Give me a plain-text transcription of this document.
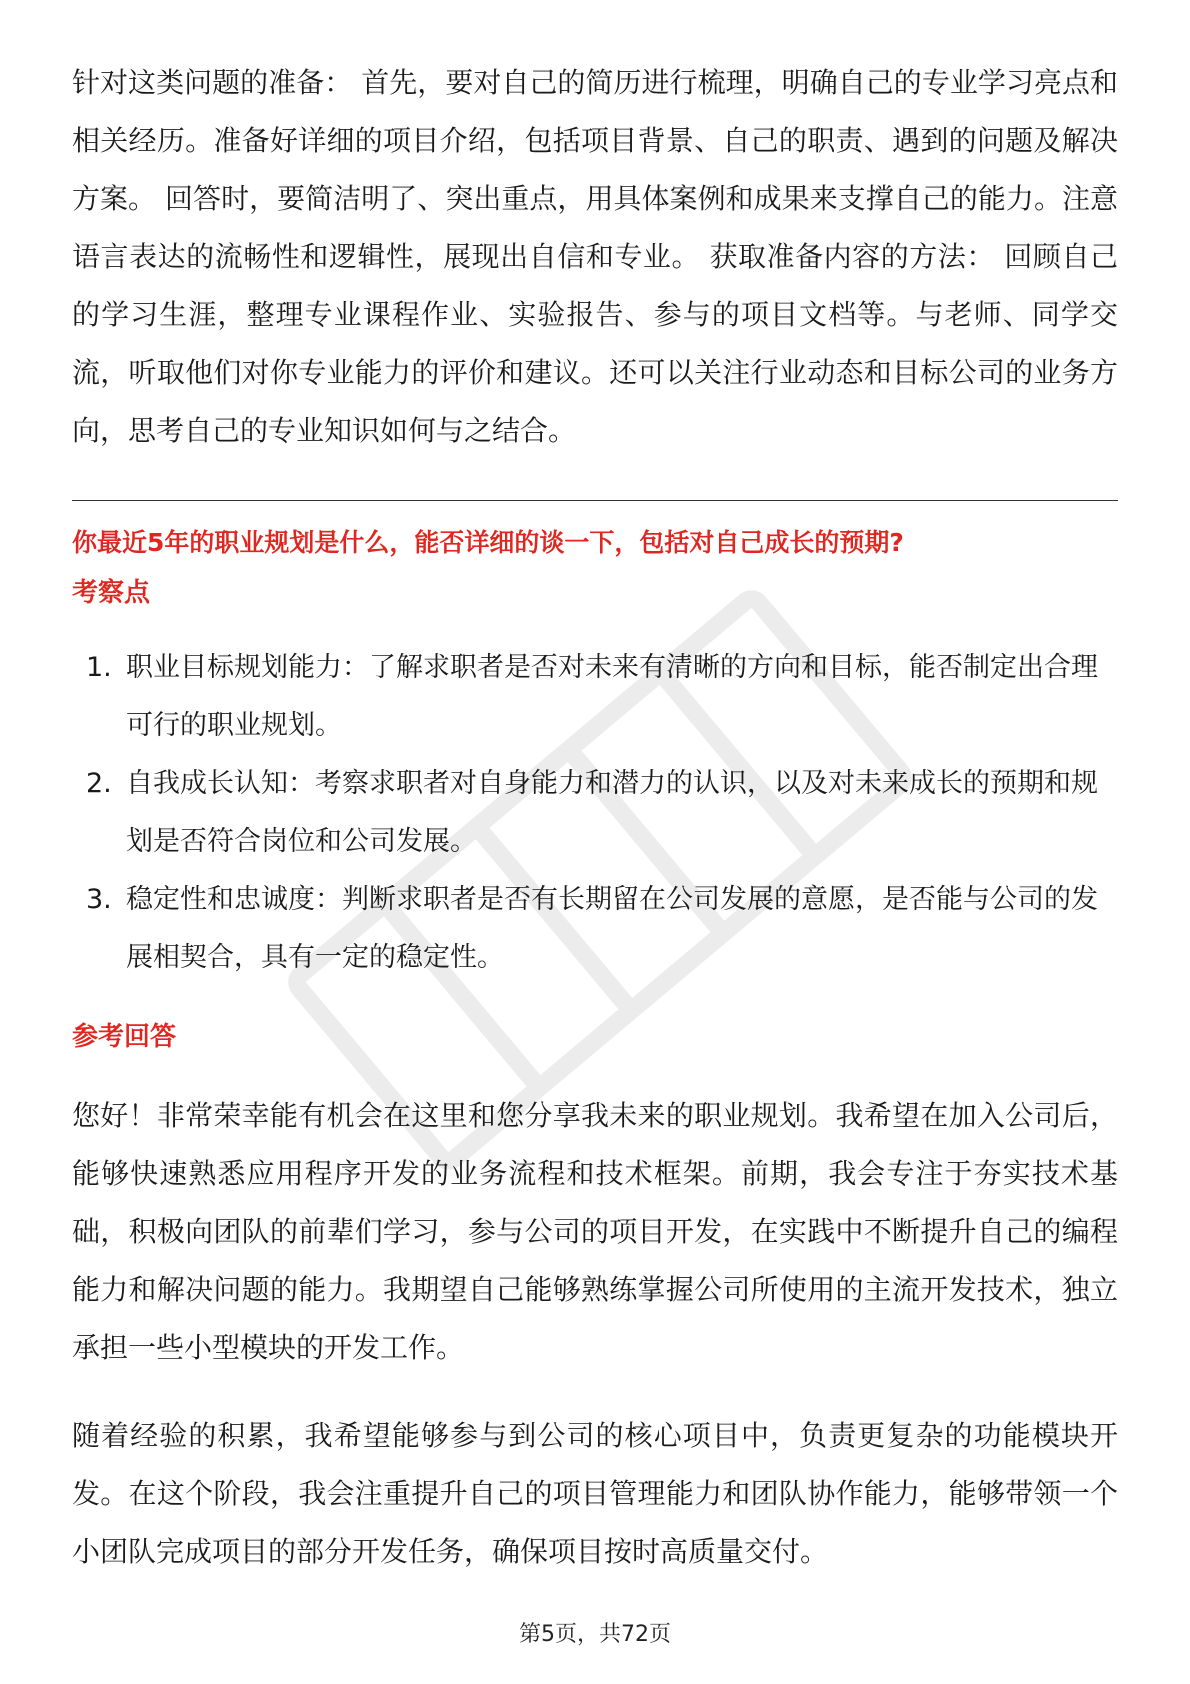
针对这类问题的准备： 首先，要对自己的简历进行梳理，明确自己的专业学习亮点和相关经历。准备好详细的项目介绍，包括项目背景、自己的职责、遇到的问题及解决方案。 回答时，要简洁明了、突出重点，用具体案例和成果来支撑自己的能力。注意语言表达的流畅性和逻辑性，展现出自信和专业。 获取准备内容的方法： 回顾自己的学习生涯，整理专业课程作业、实验报告、参与的项目文档等。与老师、同学交流，听取他们对你专业能力的评价和建议。还可以关注行业动态和目标公司的业务方向，思考自己的专业知识如何与之结合。

你最近5年的职业规划是什么，能否详细的谈一下，包括对自己成长的预期?

考察点

1. 职业目标规划能力：了解求职者是否对未来有清晰的方向和目标，能否制定出合理可行的职业规划。
2. 自我成长认知：考察求职者对自身能力和潜力的认识，以及对未来成长的预期和规划是否符合岗位和公司发展。
3. 稳定性和忠诚度：判断求职者是否有长期留在公司发展的意愿，是否能与公司的发展相契合，具有一定的稳定性。

参考回答

您好！非常荣幸能有机会在这里和您分享我未来的职业规划。我希望在加入公司后，能够快速熟悉应用程序开发的业务流程和技术框架。前期，我会专注于夯实技术基础，积极向团队的前辈们学习，参与公司的项目开发，在实践中不断提升自己的编程能力和解决问题的能力。我期望自己能够熟练掌握公司所使用的主流开发技术，独立承担一些小型模块的开发工作。

随着经验的积累，我希望能够参与到公司的核心项目中，负责更复杂的功能模块开发。在这个阶段，我会注重提升自己的项目管理能力和团队协作能力，能够带领一个小团队完成项目的部分开发任务，确保项目按时高质量交付。

第5页，共72页
